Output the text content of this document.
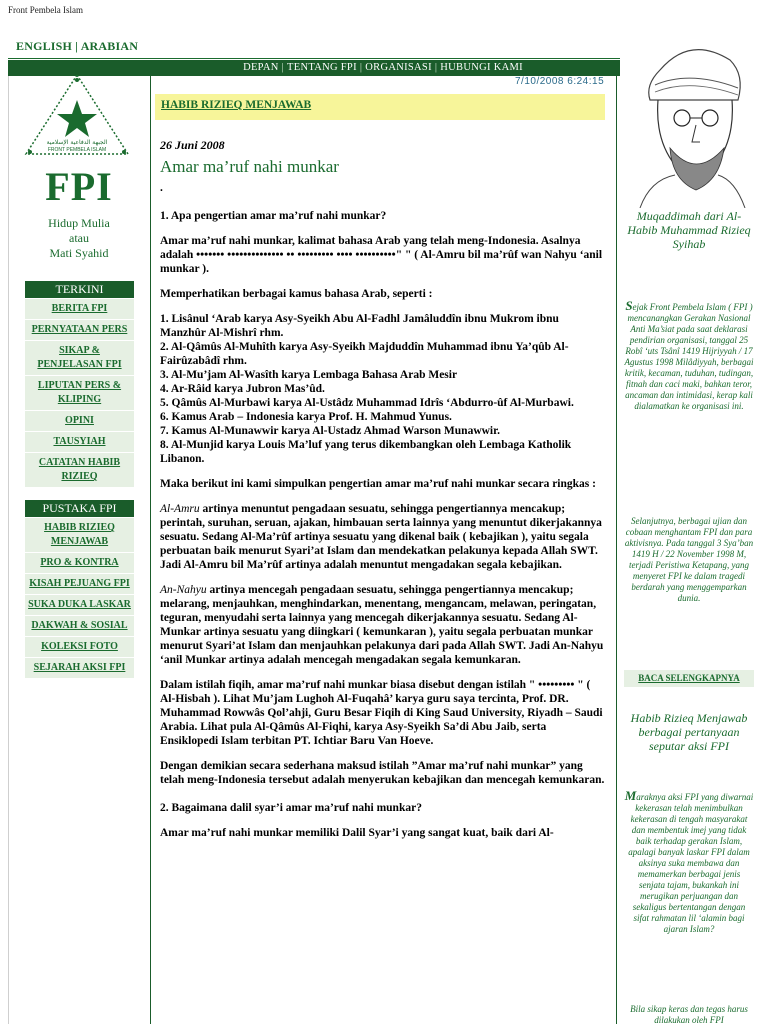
Front Pembela Islam
ENGLISH | ARABIAN
DEPAN | TENTANG FPI | ORGANISASI | HUBUNGI KAMI
7/10/2008 6:24:15
الجبهة الدفاعية الإسلامية
FRONT PEMBELA ISLAM
FPI
Hidup Mulia
atau
Mati Syahid
TERKINI
BERITA FPI
PERNYATAAN PERS
SIKAP & PENJELASAN FPI
LIPUTAN PERS & KLIPING
OPINI
TAUSYIAH
CATATAN HABIB RIZIEQ
PUSTAKA FPI
HABIB RIZIEQ MENJAWAB
PRO & KONTRA
KISAH PEJUANG FPI
SUKA DUKA LASKAR
DAKWAH & SOSIAL
KOLEKSI FOTO
SEJARAH AKSI FPI
HABIB RIZIEQ MENJAWAB
26 Juni 2008
Amar ma’ruf nahi munkar

.

1. Apa pengertian amar ma’ruf nahi munkar?

Amar ma’ruf nahi munkar, kalimat bahasa Arab yang telah meng-Indonesia. Asalnya adalah ••••••• •••••••••••••• •• ••••••••• •••• ••••••••••" " ( Al-Amru bil ma’rûf wan Nahyu ‘anil munkar ).

Memperhatikan berbagai kamus bahasa Arab, seperti :

1. Lisânul ‘Arab karya Asy-Syeikh Abu Al-Fadhl Jamâluddîn ibnu Mukrom ibnu Manzhûr Al-Mishrî rhm.
2. Al-Qâmûs Al-Muhîth karya Asy-Syeikh Majduddîn Muhammad ibnu Ya’qûb Al-Fairûzabâdî rhm.
3. Al-Mu’jam Al-Wasîth karya Lembaga Bahasa Arab Mesir
4. Ar-Râid karya Jubron Mas’ûd.
5. Qâmûs Al-Murbawi karya Al-Ustâdz Muhammad Idrîs ‘Abdurro-ûf Al-Murbawi.
6. Kamus Arab – Indonesia karya Prof. H. Mahmud Yunus.
7. Kamus Al-Munawwir karya Al-Ustadz Ahmad Warson Munawwir.
8. Al-Munjid karya Louis Ma’luf yang terus dikembangkan oleh Lembaga Katholik Libanon.

Maka berikut ini kami simpulkan pengertian amar ma’ruf nahi munkar secara ringkas :

Al-Amru artinya menuntut pengadaan sesuatu, sehingga pengertiannya mencakup; perintah, suruhan, seruan, ajakan, himbauan serta lainnya yang menuntut dikerjakannya sesuatu. Sedang Al-Ma’rûf artinya sesuatu yang dikenal baik ( kebajikan ), yaitu segala perbuatan baik menurut Syari’at Islam dan mendekatkan pelakunya kepada Allah SWT. Jadi Al-Amru bil Ma’rûf artinya adalah menuntut mengadakan segala kebajikan.

An-Nahyu artinya mencegah pengadaan sesuatu, sehingga pengertiannya mencakup; melarang, menjauhkan, menghindarkan, menentang, mengancam, melawan, peringatan, teguran, menyudahi serta lainnya yang mencegah dikerjakannya sesuatu. Sedang Al-Munkar artinya sesuatu yang diingkari ( kemunkaran ), yaitu segala perbuatan munkar menurut Syari’at Islam dan menjauhkan pelakunya dari pada Allah SWT. Jadi An-Nahyu ‘anil Munkar artinya adalah mencegah mengadakan segala kemunkaran.

Dalam istilah fiqih, amar ma’ruf nahi munkar biasa disebut dengan istilah " ••••••••• " ( Al-Hisbah ). Lihat Mu’jam Lughoh Al-Fuqahâ’ karya guru saya tercinta, Prof. DR. Muhammad Rowwâs Qol’ahji, Guru Besar Fiqih di King Saud University, Riyadh – Saudi Arabia. Lihat pula Al-Qâmûs Al-Fiqhi, karya Asy-Syeikh Sa’di Abu Jaib, serta Ensiklopedi Islam terbitan PT. Ichtiar Baru Van Hoeve.

Dengan demikian secara sederhana maksud istilah ”Amar ma’ruf nahi munkar” yang telah meng-Indonesia tersebut adalah menyerukan kebajikan dan mencegah kemunkaran.

2. Bagaimana dalil syar’i amar ma’ruf nahi munkar?

Amar ma’ruf nahi munkar memiliki Dalil Syar’i yang sangat kuat, baik dari Al-

Muqaddimah dari Al-Habib Muhammad Rizieq Syihab
Sejak Front Pembela Islam ( FPI ) mencanangkan Gerakan Nasional Anti Ma’siat pada saat deklarasi pendirian organisasi, tanggal 25 Robî ‘uts Tsânî 1419 Hijriyyah / 17 Agustus 1998 Milâdiyyah, berbagai kritik, kecaman, tuduhan, tudingan, fitnah dan caci maki, bahkan teror, ancaman dan intimidasi, kerap kali dialamatkan ke organisasi ini.
Selanjutnya, berbagai ujian dan cobaan menghantam FPI dan para aktivisnya. Pada tanggal 3 Sya’ban 1419 H / 22 November 1998 M, terjadi Peristiwa Ketapang, yang menyeret FPI ke dalam tragedi berdarah yang menggemparkan dunia.
BACA SELENGKAPNYA
Habib Rizieq Menjawab berbagai pertanyaan seputar aksi FPI
Maraknya aksi FPI yang diwarnai kekerasan telah menimbulkan kekerasan di tengah masyarakat dan membentuk imej yang tidak baik terhadap gerakan Islam, apalagi banyak laskar FPI dalam aksinya suka membawa dan memamerkan berbagai jenis senjata tajam, bukankah ini merugikan perjuangan dan sekaligus bertentangan dengan sifat rahmatan lil ‘alamin bagi ajaran Islam?
Bila sikap keras dan tegas harus dilakukan oleh FPI
